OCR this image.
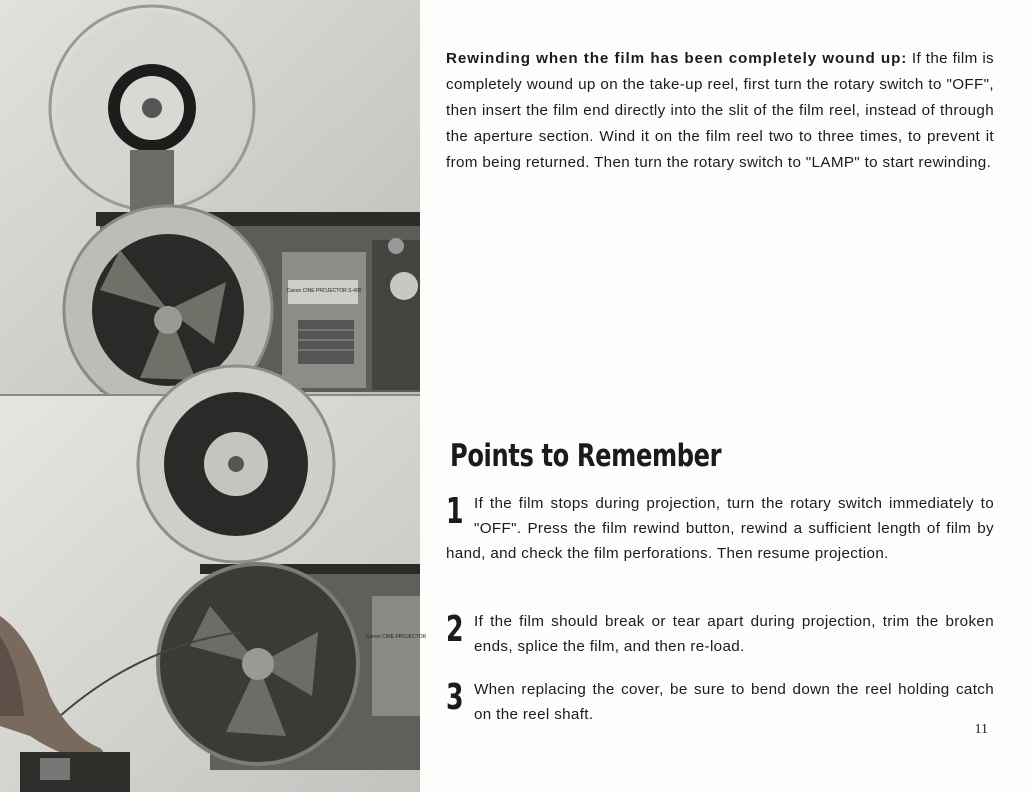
Canon CINE PROJECTOR S-400
Canon CINE PROJECTOR

Rewinding when the film has been completely wound up: If the film is completely wound up on the take-up reel, first turn the rotary switch to "OFF", then insert the film end directly into the slit of the film reel, instead of through the aperture section. Wind it on the film reel two to three times, to prevent it from being returned. Then turn the rotary switch to "LAMP" to start rewinding.

Points to Remember
1 If the film stops during projection, turn the rotary switch immediately to "OFF". Press the film rewind button, rewind a sufficient length of film by hand, and check the film perforations. Then resume projection.
2 If the film should break or tear apart during projection, trim the broken ends, splice the film, and then re-load.
3 When replacing the cover, be sure to bend down the reel holding catch on the reel shaft.
11
